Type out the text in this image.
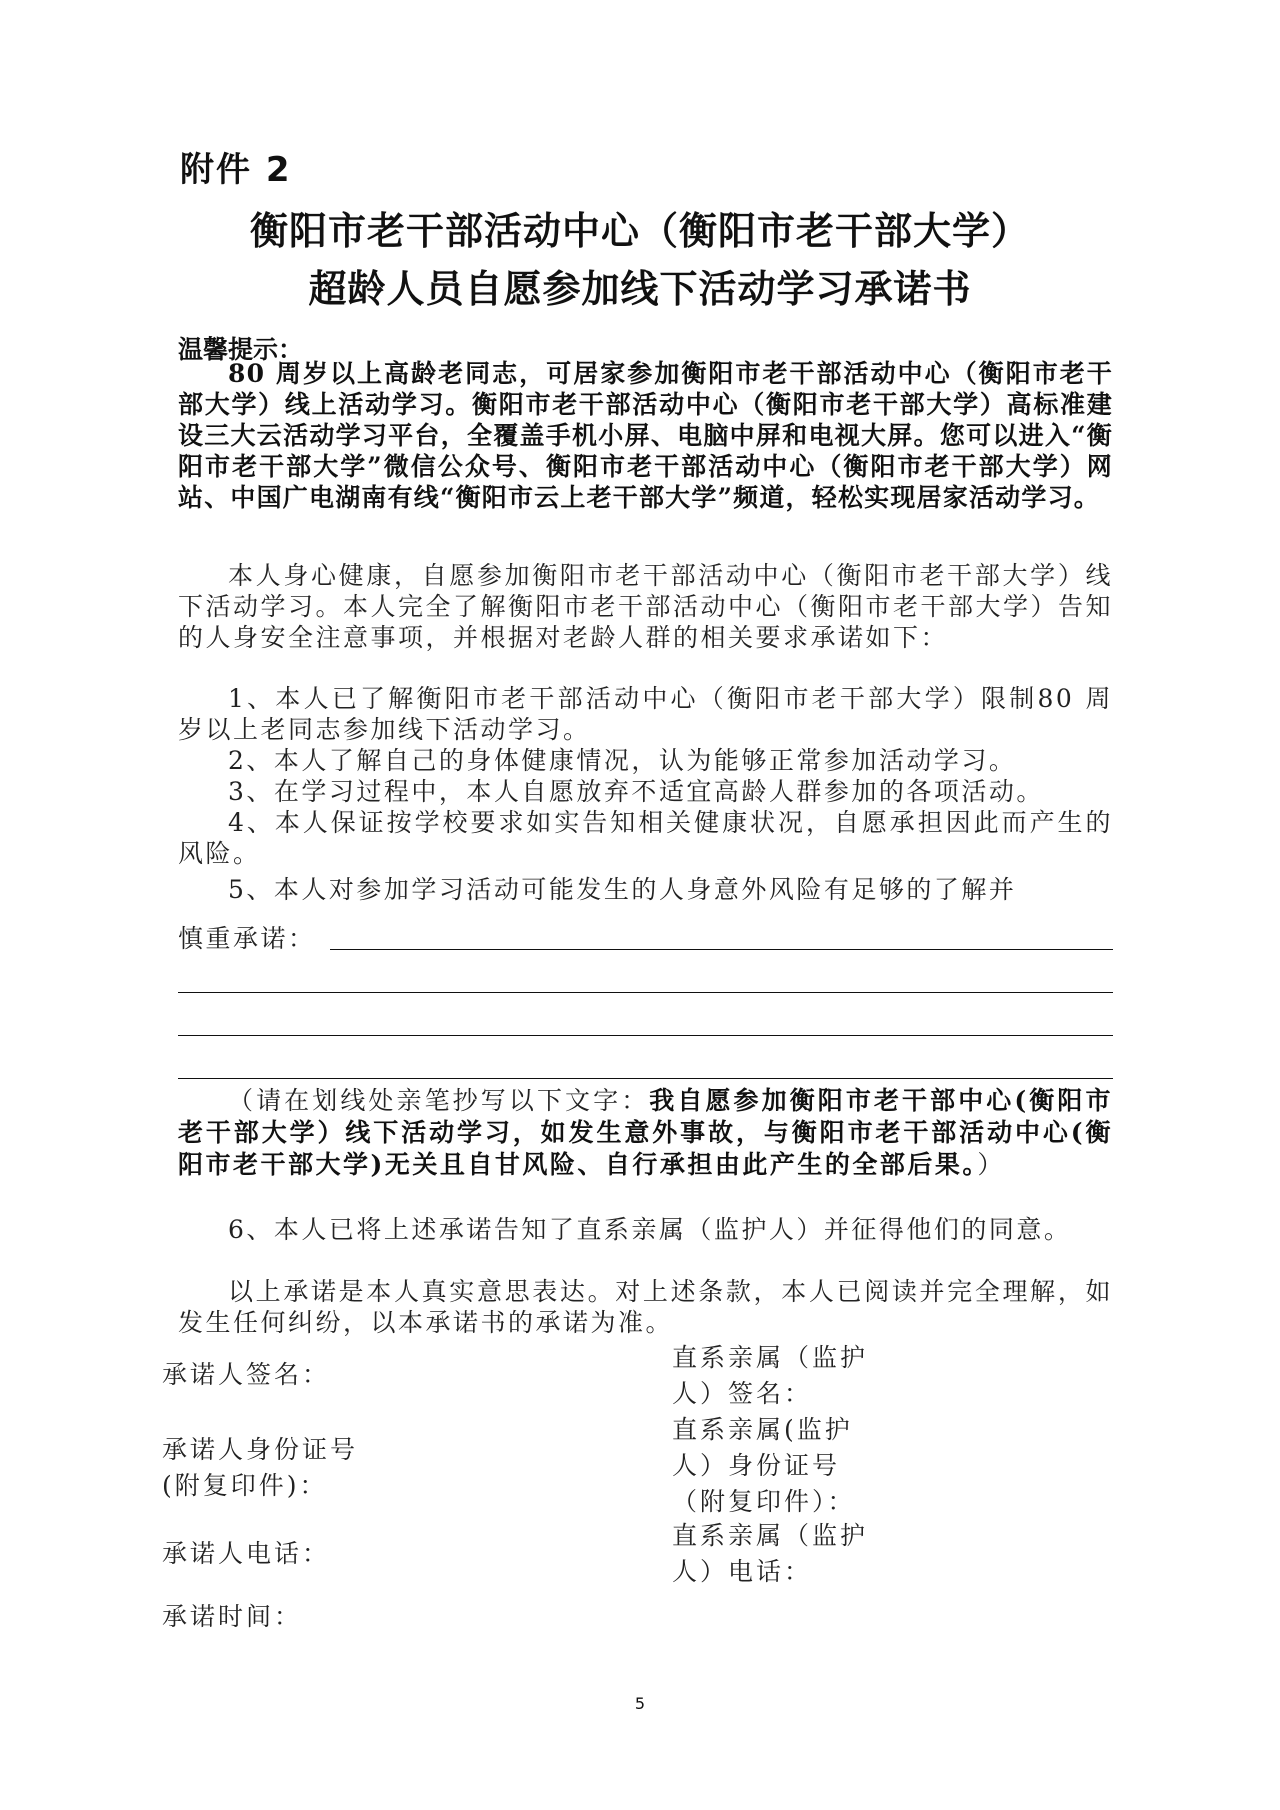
附件 2
衡阳市老干部活动中心（衡阳市老干部大学）
超龄人员自愿参加线下活动学习承诺书
温馨提示：
80 周岁以上高龄老同志，可居家参加衡阳市老干部活动中心（衡阳市老干部大学）线上活动学习。衡阳市老干部活动中心（衡阳市老干部大学）高标准建设三大云活动学习平台，全覆盖手机小屏、电脑中屏和电视大屏。您可以进入“衡阳市老干部大学”微信公众号、衡阳市老干部活动中心（衡阳市老干部大学）网站、中国广电湖南有线“衡阳市云上老干部大学”频道，轻松实现居家活动学习。
本人身心健康，自愿参加衡阳市老干部活动中心（衡阳市老干部大学）线下活动学习。本人完全了解衡阳市老干部活动中心（衡阳市老干部大学）告知的人身安全注意事项，并根据对老龄人群的相关要求承诺如下：
1、本人已了解衡阳市老干部活动中心（衡阳市老干部大学）限制80 周岁以上老同志参加线下活动学习。
2、本人了解自己的身体健康情况，认为能够正常参加活动学习。
3、在学习过程中，本人自愿放弃不适宜高龄人群参加的各项活动。
4、本人保证按学校要求如实告知相关健康状况，自愿承担因此而产生的风险。
5、本人对参加学习活动可能发生的人身意外风险有足够的了解并
慎重承诺：
（请在划线处亲笔抄写以下文字：我自愿参加衡阳市老干部中心(衡阳市老干部大学）线下活动学习，如发生意外事故，与衡阳市老干部活动中心(衡阳市老干部大学)无关且自甘风险、自行承担由此产生的全部后果。）
6、本人已将上述承诺告知了直系亲属（监护人）并征得他们的同意。
以上承诺是本人真实意思表达。对上述条款，本人已阅读并完全理解，如发生任何纠纷，以本承诺书的承诺为准。
承诺人签名：
承诺人身份证号(附复印件)：
承诺人电话：
承诺时间：
直系亲属（监护人）签名：
直系亲属(监护人）身份证号（附复印件）：
直系亲属（监护人）电话：
5
